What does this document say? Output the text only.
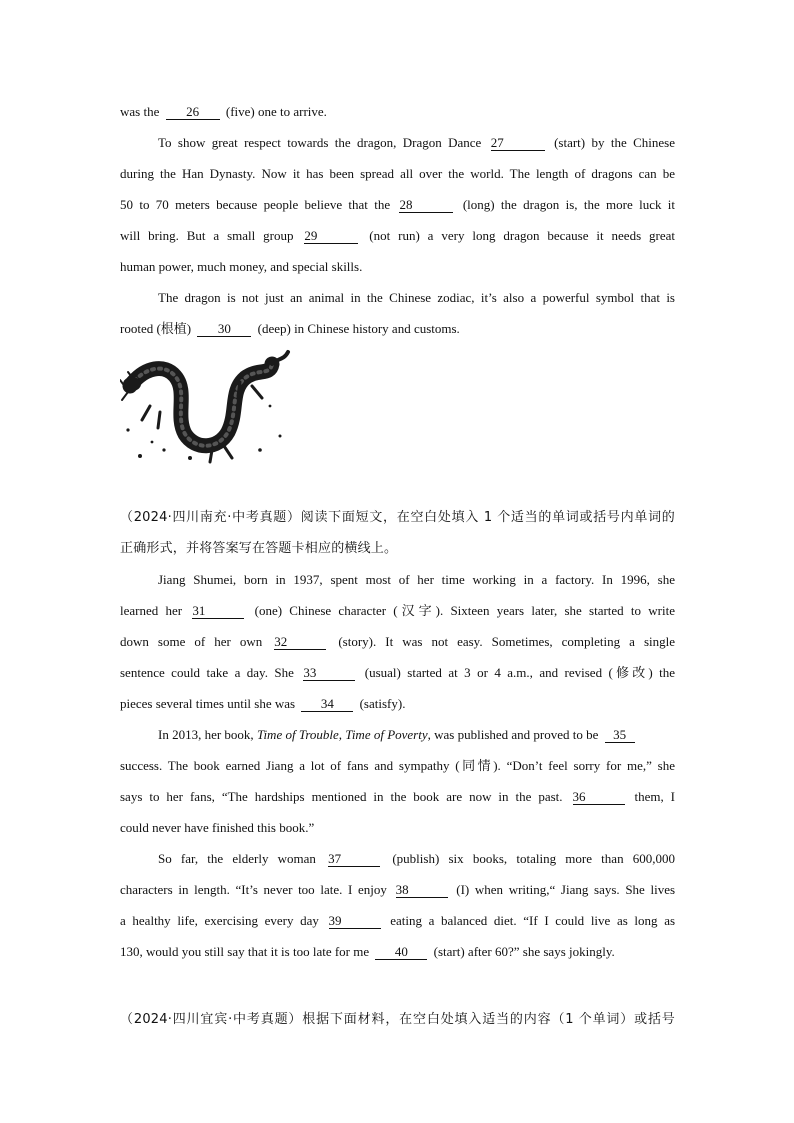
was the 26 (five) one to arrive.
To show great respect towards the dragon, Dragon Dance 27	(start) by the Chinese
during the Han Dynasty. Now it has been spread all over the world. The length of dragons can be
50 to 70 meters because people believe that the 28	(long) the dragon is, the more luck it
will bring. But a small group 29	(not run) a very long dragon because it needs great
human power, much money, and special skills.
The dragon is not just an animal in the Chinese zodiac, it’s also a powerful symbol that is
rooted (根植) 30 (deep) in Chinese history and customs.
（2024·四川南充·中考真题）阅读下面短文，在空白处填入 1 个适当的单词或括号内单词的
正确形式，并将答案写在答题卡相应的横线上。
Jiang Shumei, born in 1937, spent most of her time working in a factory. In 1996, she
learned her 31	(one) Chinese character (汉字). Sixteen years later, she started to write
down some of her own 32	(story). It was not easy. Sometimes, completing a single
sentence could take a day. She 33	(usual) started at 3 or 4 a.m., and revised (修改) the
pieces several times until she was 34 (satisfy).
In 2013, her book, Time of Trouble, Time of Poverty, was published and proved to be 35
success. The book earned Jiang a lot of fans and sympathy (同情). “Don’t feel sorry for me,” she
says to her fans, “The hardships mentioned in the book are now in the past. 36	them, I
could never have finished this book.”
So far, the elderly woman 37	(publish) six books, totaling more than 600,000
characters in length. “It’s never too late. I enjoy 38	(I) when writing,“ Jiang says. She lives
a healthy life, exercising every day 39	eating a balanced diet. “If I could live as long as
130, would you still say that it is too late for me 40 (start) after 60?” she says jokingly.
（2024·四川宜宾·中考真题）根据下面材料，在空白处填入适当的内容（1 个单词）或括号
